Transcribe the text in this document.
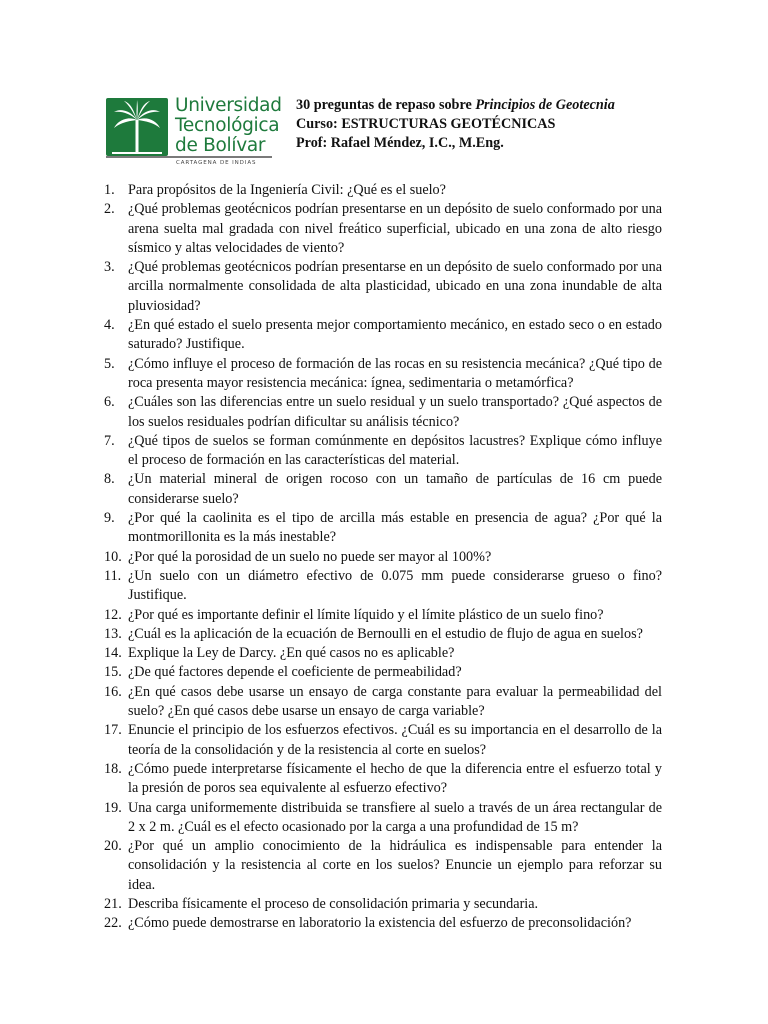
Universidad
Tecnológica
de Bolívar
CARTAGENA DE INDIAS
30 preguntas de repaso sobre Principios de Geotecnia
Curso: ESTRUCTURAS GEOTÉCNICAS
Prof: Rafael Méndez, I.C., M.Eng.
1. Para propósitos de la Ingeniería Civil: ¿Qué es el suelo?
2. ¿Qué problemas geotécnicos podrían presentarse en un depósito de suelo conformado por una arena suelta mal gradada con nivel freático superficial, ubicado en una zona de alto riesgo sísmico y altas velocidades de viento?
3. ¿Qué problemas geotécnicos podrían presentarse en un depósito de suelo conformado por una arcilla normalmente consolidada de alta plasticidad, ubicado en una zona inundable de alta pluviosidad?
4. ¿En qué estado el suelo presenta mejor comportamiento mecánico, en estado seco o en estado saturado? Justifique.
5. ¿Cómo influye el proceso de formación de las rocas en su resistencia mecánica? ¿Qué tipo de roca presenta mayor resistencia mecánica: ígnea, sedimentaria o metamórfica?
6. ¿Cuáles son las diferencias entre un suelo residual y un suelo transportado? ¿Qué aspectos de los suelos residuales podrían dificultar su análisis técnico?
7. ¿Qué tipos de suelos se forman comúnmente en depósitos lacustres? Explique cómo influye el proceso de formación en las características del material.
8. ¿Un material mineral de origen rocoso con un tamaño de partículas de 16 cm puede considerarse suelo?
9. ¿Por qué la caolinita es el tipo de arcilla más estable en presencia de agua? ¿Por qué la montmorillonita es la más inestable?
10. ¿Por qué la porosidad de un suelo no puede ser mayor al 100%?
11. ¿Un suelo con un diámetro efectivo de 0.075 mm puede considerarse grueso o fino? Justifique.
12. ¿Por qué es importante definir el límite líquido y el límite plástico de un suelo fino?
13. ¿Cuál es la aplicación de la ecuación de Bernoulli en el estudio de flujo de agua en suelos?
14. Explique la Ley de Darcy. ¿En qué casos no es aplicable?
15. ¿De qué factores depende el coeficiente de permeabilidad?
16. ¿En qué casos debe usarse un ensayo de carga constante para evaluar la permeabilidad del suelo? ¿En qué casos debe usarse un ensayo de carga variable?
17. Enuncie el principio de los esfuerzos efectivos. ¿Cuál es su importancia en el desarrollo de la teoría de la consolidación y de la resistencia al corte en suelos?
18. ¿Cómo puede interpretarse físicamente el hecho de que la diferencia entre el esfuerzo total y la presión de poros sea equivalente al esfuerzo efectivo?
19. Una carga uniformemente distribuida se transfiere al suelo a través de un área rectangular de 2 x 2 m. ¿Cuál es el efecto ocasionado por la carga a una profundidad de 15 m?
20. ¿Por qué un amplio conocimiento de la hidráulica es indispensable para entender la consolidación y la resistencia al corte en los suelos? Enuncie un ejemplo para reforzar su idea.
21. Describa físicamente el proceso de consolidación primaria y secundaria.
22. ¿Cómo puede demostrarse en laboratorio la existencia del esfuerzo de preconsolidación?
